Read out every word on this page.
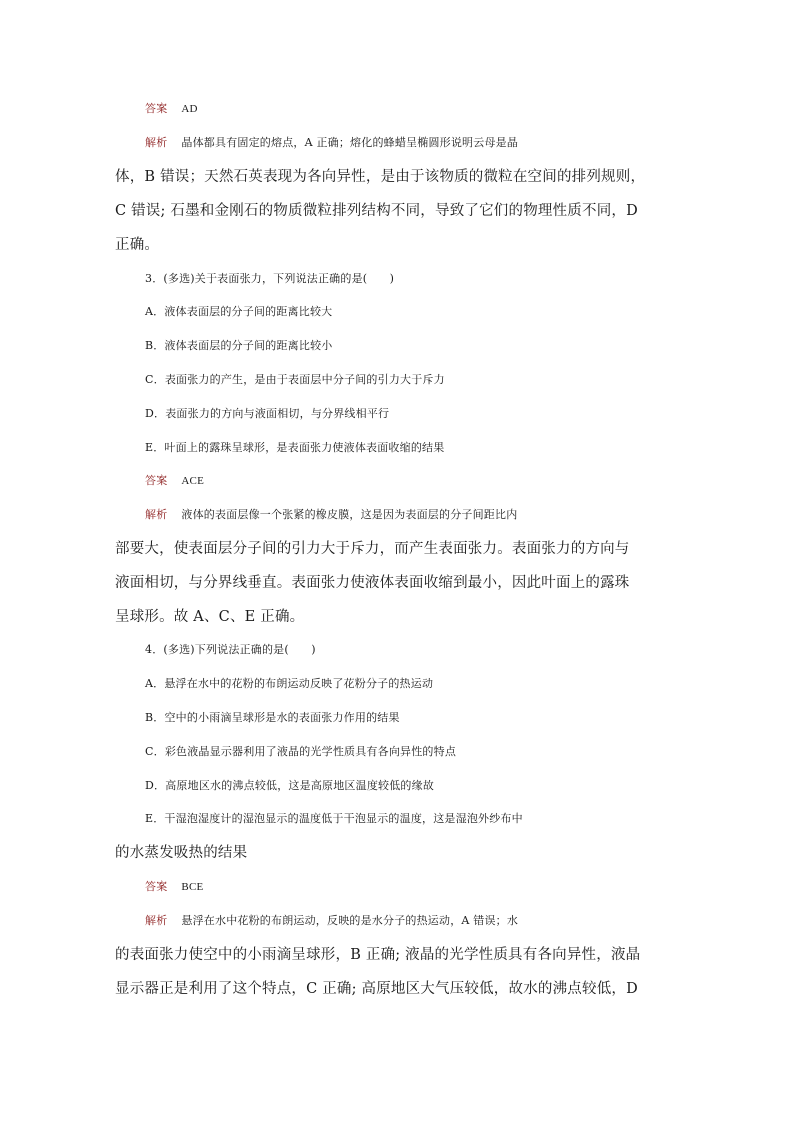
答案 AD
解析 晶体都具有固定的熔点，A 正确；熔化的蜂蜡呈椭圆形说明云母是晶
体，B 错误；天然石英表现为各向异性，是由于该物质的微粒在空间的排列规则，
C 错误; 石墨和金刚石的物质微粒排列结构不同，导致了它们的物理性质不同，D
正确。
3．(多选)关于表面张力，下列说法正确的是(　　)
A．液体表面层的分子间的距离比较大
B．液体表面层的分子间的距离比较小
C．表面张力的产生，是由于表面层中分子间的引力大于斥力
D．表面张力的方向与液面相切，与分界线相平行
E．叶面上的露珠呈球形，是表面张力使液体表面收缩的结果
答案 ACE
解析 液体的表面层像一个张紧的橡皮膜，这是因为表面层的分子间距比内
部要大，使表面层分子间的引力大于斥力，而产生表面张力。表面张力的方向与
液面相切，与分界线垂直。表面张力使液体表面收缩到最小，因此叶面上的露珠
呈球形。故 A、C、E 正确。
4．(多选)下列说法正确的是(　　)
A．悬浮在水中的花粉的布朗运动反映了花粉分子的热运动
B．空中的小雨滴呈球形是水的表面张力作用的结果
C．彩色液晶显示器利用了液晶的光学性质具有各向异性的特点
D．高原地区水的沸点较低，这是高原地区温度较低的缘故
E．干湿泡湿度计的湿泡显示的温度低于干泡显示的温度，这是湿泡外纱布中
的水蒸发吸热的结果
答案 BCE
解析 悬浮在水中花粉的布朗运动，反映的是水分子的热运动，A 错误；水
的表面张力使空中的小雨滴呈球形，B 正确; 液晶的光学性质具有各向异性，液晶
显示器正是利用了这个特点，C 正确; 高原地区大气压较低，故水的沸点较低，D
